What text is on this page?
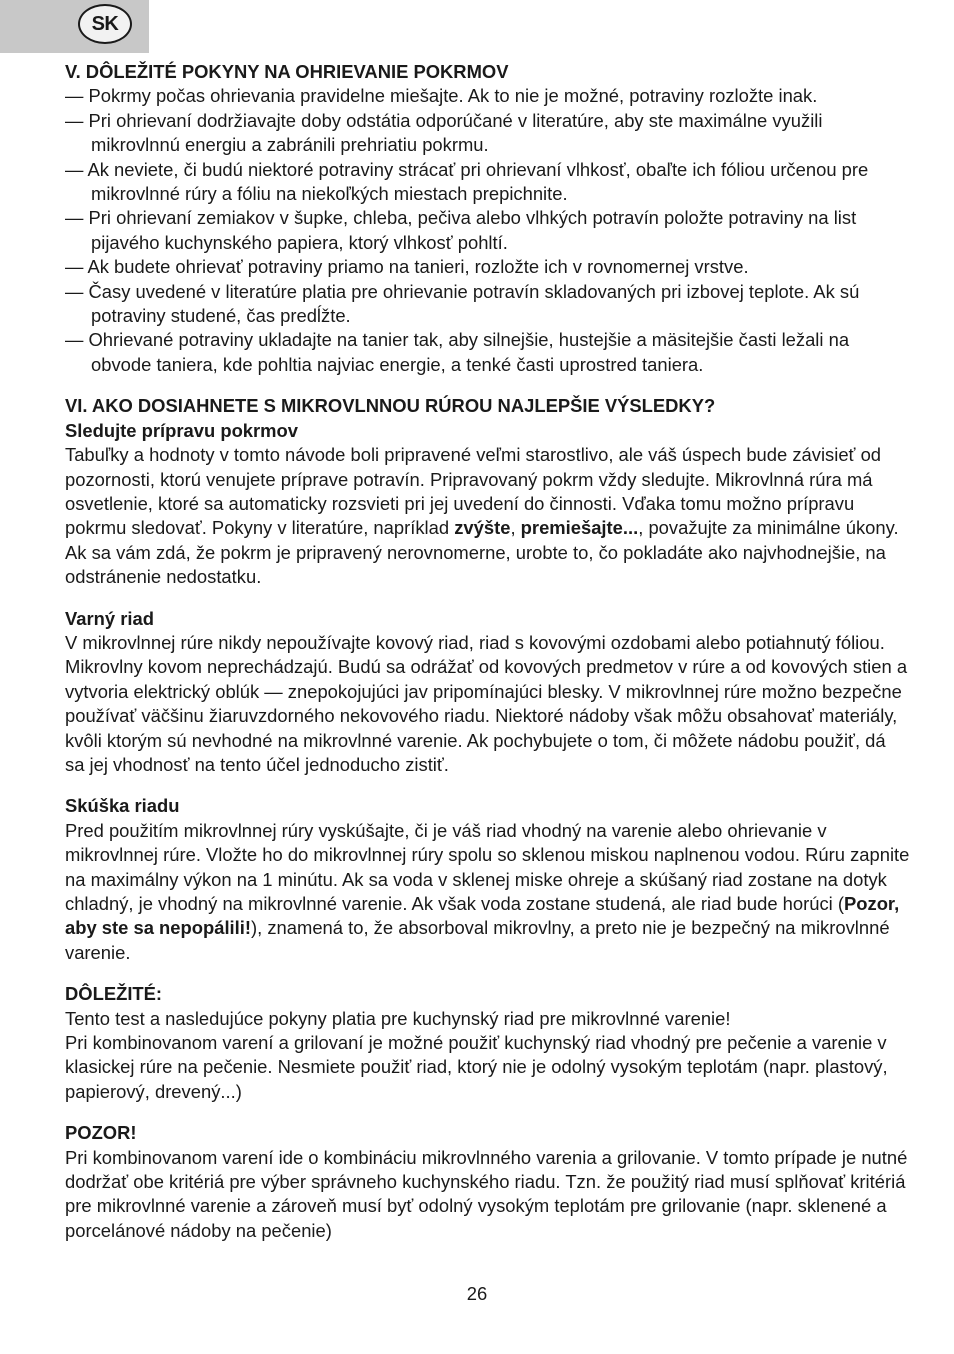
SK
V. DÔLEŽITÉ POKYNY NA OHRIEVANIE POKRMOV

— Pokrmy počas ohrievania pravidelne miešajte. Ak to nie je možné, potraviny rozložte inak.

— Pri ohrievaní dodržiavajte doby odstátia odporúčané v literatúre, aby ste maximálne využili mikrovlnnú energiu a zabránili prehriatiu pokrmu.

— Ak neviete, či budú niektoré potraviny strácať pri ohrievaní vlhkosť, obaľte ich fóliou určenou pre mikrovlnné rúry a fóliu na niekoľkých miestach prepichnite.

— Pri ohrievaní zemiakov v šupke, chleba, pečiva alebo vlhkých potravín položte potraviny na list pijavého kuchynského papiera, ktorý vlhkosť pohltí.

— Ak budete ohrievať potraviny priamo na tanieri, rozložte ich v rovnomernej vrstve.

— Časy uvedené v literatúre platia pre ohrievanie potravín skladovaných pri izbovej teplote. Ak sú potraviny studené, čas predĺžte.

— Ohrievané potraviny ukladajte na tanier tak, aby silnejšie, hustejšie a mäsitejšie časti ležali na obvode taniera, kde pohltia najviac energie, a tenké časti uprostred taniera.

VI. AKO DOSIAHNETE S MIKROVLNNOU RÚROU NAJLEPŠIE VÝSLEDKY?
Sledujte prípravu pokrmov

Tabuľky a hodnoty v tomto návode boli pripravené veľmi starostlivo, ale váš úspech bude závisieť od pozornosti, ktorú venujete príprave potravín. Pripravovaný pokrm vždy sledujte. Mikrovlnná rúra má osvetlenie, ktoré sa automaticky rozsvieti pri jej uvedení do činnosti. Vďaka tomu možno prípravu pokrmu sledovať. Pokyny v literatúre, napríklad zvýšte, premiešajte..., považujte za minimálne úkony. Ak sa vám zdá, že pokrm je pripravený nerovnomerne, urobte to, čo pokladáte ako najvhodnejšie, na odstránenie nedostatku.

Varný riad

V mikrovlnnej rúre nikdy nepoužívajte kovový riad, riad s kovovými ozdobami alebo potiahnutý fóliou. Mikrovlny kovom neprechádzajú. Budú sa odrážať od kovových predmetov v rúre a od kovových stien a vytvoria elektrický oblúk — znepokojujúci jav pripomínajúci blesky. V mikrovlnnej rúre možno bezpečne používať väčšinu žiaruvzdorného nekovového riadu. Niektoré nádoby však môžu obsahovať materiály, kvôli ktorým sú nevhodné na mikrovlnné varenie. Ak pochybujete o tom, či môžete nádobu použiť, dá sa jej vhodnosť na tento účel jednoducho zistiť.

Skúška riadu

Pred použitím mikrovlnnej rúry vyskúšajte, či je váš riad vhodný na varenie alebo ohrievanie v mikrovlnnej rúre. Vložte ho do mikrovlnnej rúry spolu so sklenou miskou naplnenou vodou. Rúru zapnite na maximálny výkon na 1 minútu. Ak sa voda v sklenej miske ohreje a skúšaný riad zostane na dotyk chladný, je vhodný na mikrovlnné varenie. Ak však voda zostane studená, ale riad bude horúci (Pozor, aby ste sa nepopálili!), znamená to, že absorboval mikrovlny, a preto nie je bezpečný na mikrovlnné varenie.

DÔLEŽITÉ:

Tento test a nasledujúce pokyny platia pre kuchynský riad pre mikrovlnné varenie!

Pri kombinovanom varení a grilovaní je možné použiť kuchynský riad vhodný pre pečenie a varenie v klasickej rúre na pečenie. Nesmiete použiť riad, ktorý nie je odolný vysokým teplotám (napr. plastový, papierový, drevený...)

POZOR!

Pri kombinovanom varení ide o kombináciu mikrovlnného varenia a grilovanie. V tomto prípade je nutné dodržať obe kritériá pre výber správneho kuchynského riadu. Tzn. že použitý riad musí splňovať kritériá pre mikrovlnné varenie a zároveň musí byť odolný vysokým teplotám pre grilovanie (napr. sklenené a porcelánové nádoby na pečenie)

26
